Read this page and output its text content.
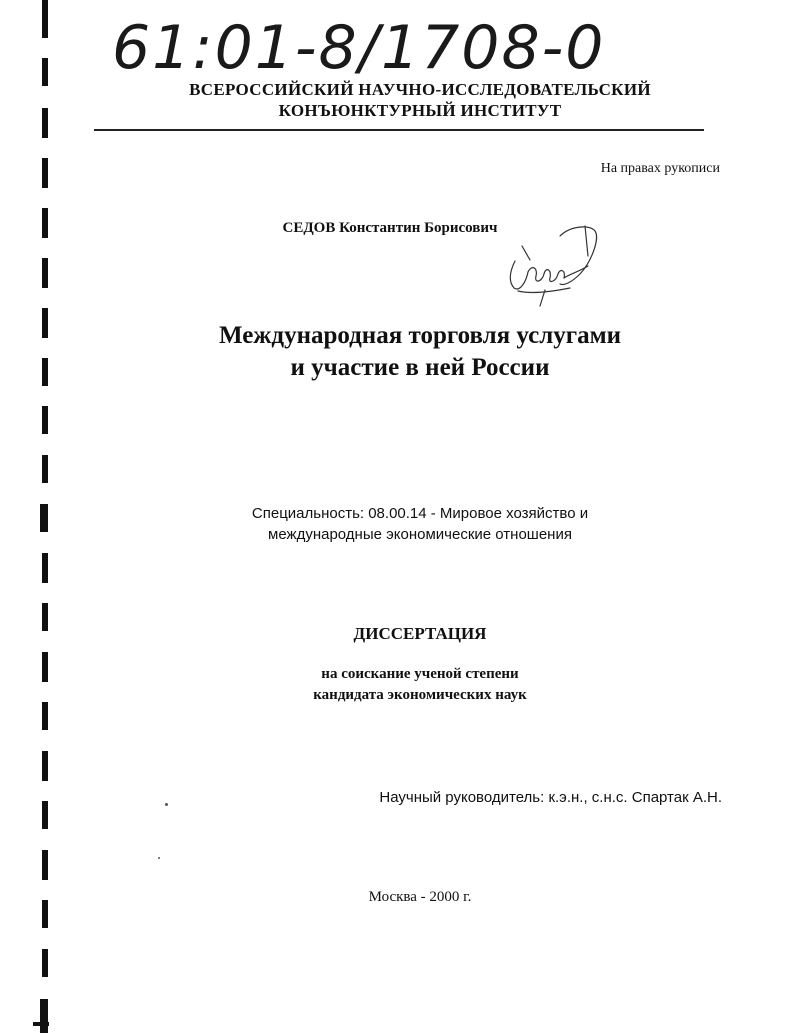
61:01-8/1708-0
ВСЕРОССИЙСКИЙ НАУЧНО-ИССЛЕДОВАТЕЛЬСКИЙ
КОНЪЮНКТУРНЫЙ ИНСТИТУТ
На правах рукописи
СЕДОВ Константин Борисович
Международная торговля услугами
и участие в ней России
Специальность: 08.00.14 - Мировое хозяйство и
международные экономические отношения
ДИССЕРТАЦИЯ
на соискание ученой степени
кандидата экономических наук
Научный руководитель: к.э.н., с.н.с. Спартак А.Н.
Москва - 2000 г.
